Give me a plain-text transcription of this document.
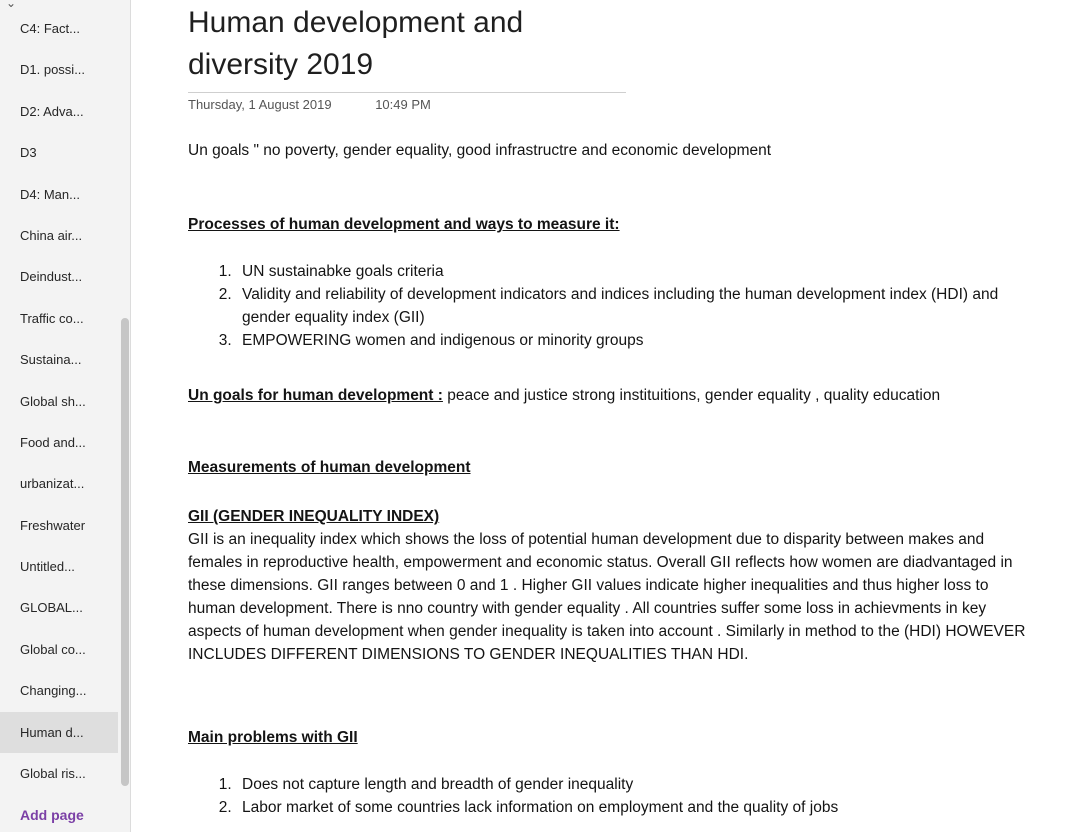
⌄
C4: Fact...
D1. possi...
D2: Adva...
D3
D4: Man...
China air...
Deindust...
Traffic co...
Sustaina...
Global sh...
Food and...
urbanizat...
Freshwater
Untitled...
GLOBAL...
Global co...
Changing...
Human d...
Global ris...
Add page
Human development and diversity 2019
Thursday, 1 August 2019	10:49 PM
Un goals " no poverty, gender equality, good infrastructre and economic development
Processes of human development and ways to measure it:
1. UN sustainabke goals criteria
2. Validity and reliability of development indicators and indices including the human development index (HDI) and gender equality index (GII)
3. EMPOWERING women and indigenous or minority groups
Un goals for human development : peace and justice strong instituitions, gender equality , quality education
Measurements of human development
GII (GENDER INEQUALITY INDEX)
GII is an inequality index which shows the loss of potential human development due to disparity between makes and females in reproductive health, empowerment and economic status. Overall GII reflects how women are diadvantaged in these dimensions. GII ranges between 0 and 1 . Higher GII values indicate higher inequalities and thus higher loss to human development. There is nno country with gender equality . All countries suffer some loss in achievments in key aspects of human development when gender inequality is taken into account . Similarly in method to the (HDI) HOWEVER INCLUDES DIFFERENT DIMENSIONS TO GENDER INEQUALITIES THAN HDI.
Main problems with GII
1. Does not capture length and breadth of gender inequality
2. Labor market of some countries lack information on employment and the quality of jobs
